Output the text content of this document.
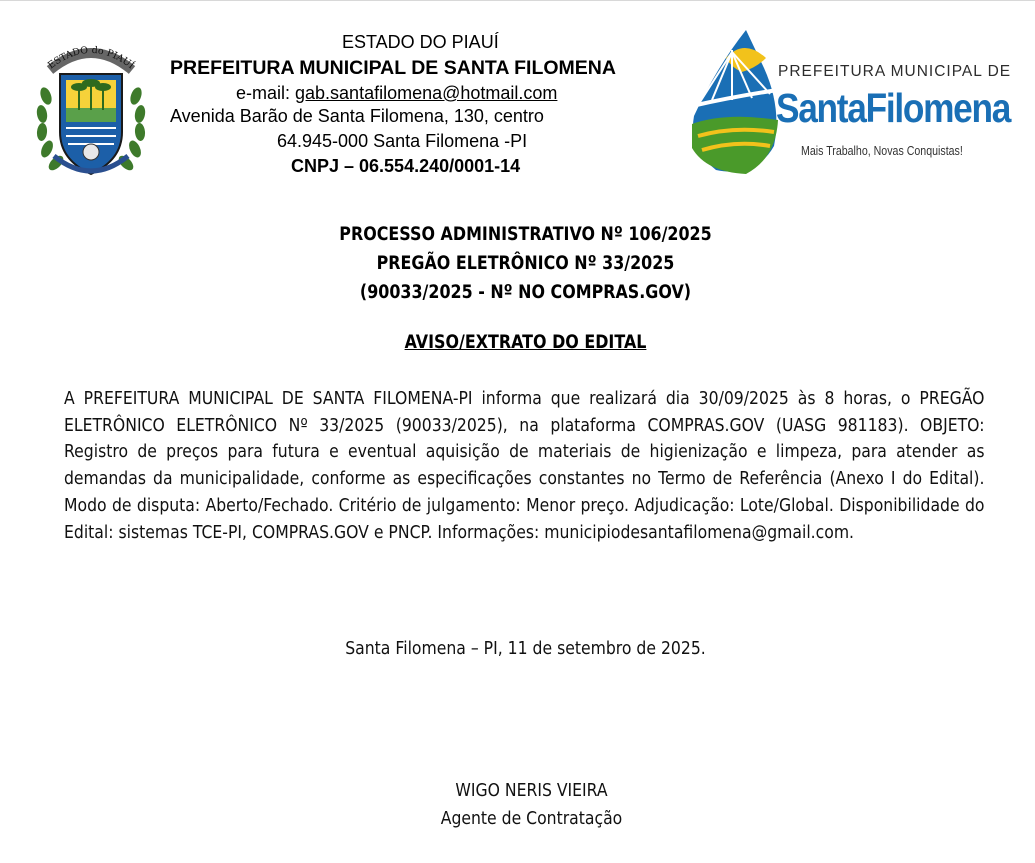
ESTADO do PIAUÍ
ESTADO DO PIAUÍ
PREFEITURA MUNICIPAL DE SANTA FILOMENA
e-mail: gab.santafilomena@hotmail.com
Avenida Barão de Santa Filomena, 130, centro
64.945-000 Santa Filomena -PI
CNPJ – 06.554.240/0001-14
PREFEITURA MUNICIPAL DE
SantaFilomena
Mais Trabalho, Novas Conquistas!
PROCESSO ADMINISTRATIVO Nº 106/2025
PREGÃO ELETRÔNICO Nº 33/2025
(90033/2025 - Nº NO COMPRAS.GOV)
AVISO/EXTRATO DO EDITAL
A PREFEITURA MUNICIPAL DE SANTA FILOMENA-PI informa que realizará dia 30/09/2025 às 8 horas, o PREGÃO ELETRÔNICO ELETRÔNICO Nº 33/2025 (90033/2025), na plataforma COMPRAS.GOV (UASG 981183). OBJETO: Registro de preços para futura e eventual aquisição de materiais de higienização e limpeza, para atender as demandas da municipalidade, conforme as especificações constantes no Termo de Referência (Anexo I do Edital). Modo de disputa: Aberto/Fechado. Critério de julgamento: Menor preço. Adjudicação: Lote/Global. Disponibilidade do Edital: sistemas TCE-PI, COMPRAS.GOV e PNCP. Informações: municipiodesantafilomena@gmail.com.
Santa Filomena – PI, 11 de setembro de 2025.
WIGO NERIS VIEIRA
Agente de Contratação
